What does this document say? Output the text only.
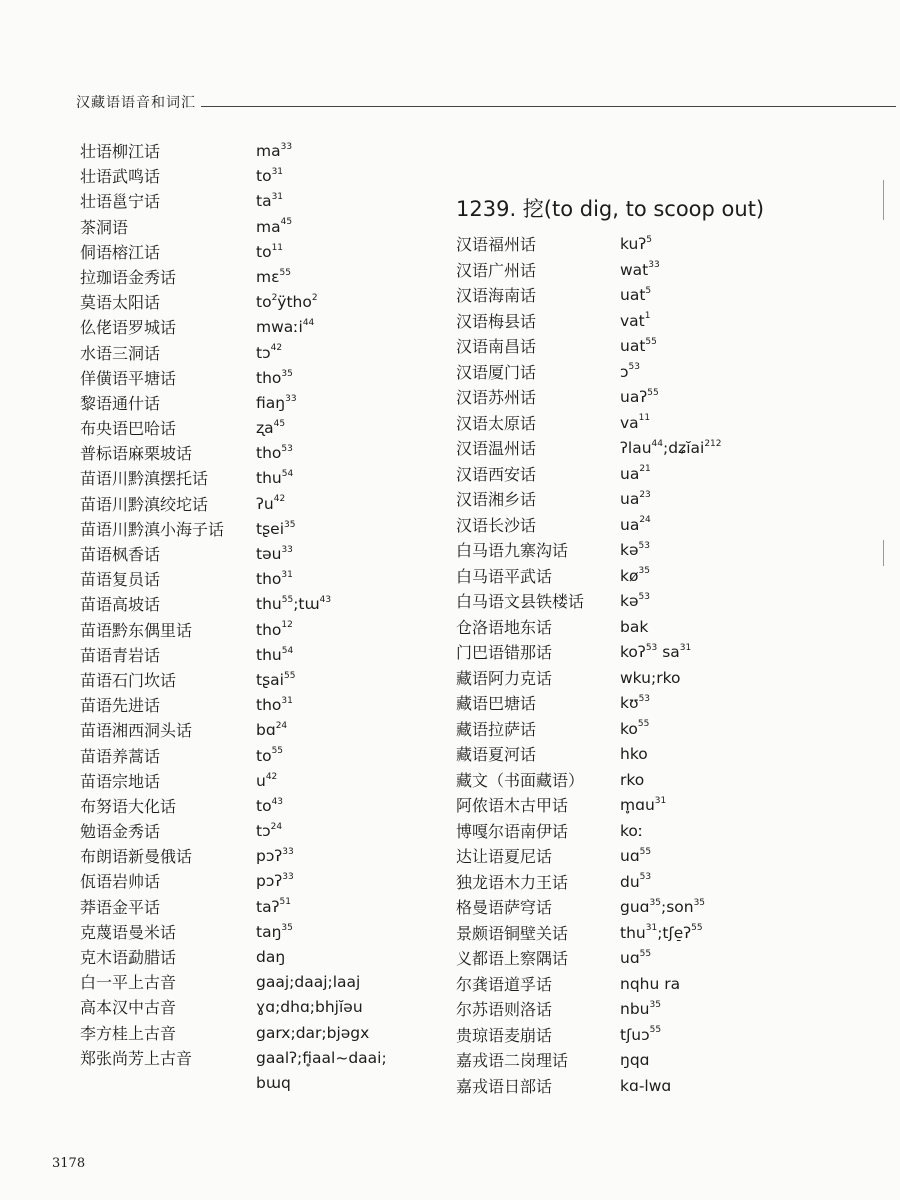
汉藏语语音和词汇
壮语柳江话	$ma^{33}$
壮语武鸣话	$to^{31}$
壮语邕宁话	$ta^{31}$
茶洞语	$ma^{45}$
侗语榕江话	$to^{11}$
拉珈语金秀话	mɛ$^{55}$
莫语太阳话	$to^2ÿtho^2$
仫佬语罗城话	mwaːi$^{44}$
水语三洞话	tɔ$^{42}$
佯僙语平塘话	tho$^{35}$
黎语通什话	fiaŋ$^{33}$
布央语巴哈话	ʐa$^{45}$
普标语麻栗坡话	tho$^{53}$
苗语川黔滇摆托话	thu$^{54}$
苗语川黔滇绞坨话	ʔu$^{42}$
苗语川黔滇小海子话 tʂei$^{35}$
苗语枫香话	təu$^{33}$
苗语复员话	tho$^{31}$
苗语高坡话	thu$^{55}$;tɯ$^{43}$
苗语黔东偶里话	tho$^{12}$
苗语青岩话	thu$^{54}$
苗语石门坎话	tʂai$^{55}$
苗语先进话	tho$^{31}$
苗语湘西洞头话	bɑ$^{24}$
苗语养蒿话	$to^{55}$
苗语宗地话	$u^{42}$
布努语大化话	$to^{43}$
勉语金秀话	tɔ$^{24}$
布朗语新曼俄话	pɔʔ$^{33}$
佤语岩帅话	pɔʔ$^{33}$
莽语金平话	taʔ$^{51}$
克蔑语曼米话	taŋ$^{35}$
克木语勐腊话	daŋ
白一平上古音	gaaj;daaj;laaj
高本汉中古音	ɣɑ;dhɑ;bhjĭəu
李方桂上古音	garx;dar;bjəgx
郑张尚芳上古音	gaalʔ;fi̥aal~daai;
bɯq
1239. 挖(to dig, to scoop out)
汉语福州话	kuʔ$^5$
汉语广州话	wat$^{33}$
汉语海南话	uat$^5$
汉语梅县话	vat$^1$
汉语南昌话	uat$^{55}$
汉语厦门话	ɔ$^{53}$
汉语苏州话	uaʔ$^{55}$
汉语太原话	$va^{11}$
汉语温州话	ʔlau$^{44}$;dʑĭai$^{212}$
汉语西安话	$ua^{21}$
汉语湘乡话	$ua^{23}$
汉语长沙话	$ua^{24}$
白马语九寨沟话	kə$^{53}$
白马语平武话	$kø^{35}$
白马语文县铁楼话 kə$^{53}$
仓洛语地东话	bak
门巴语错那话	koʔ$^{53}$ $sa^{31}$
藏语阿力克话	wku;rko
藏语巴塘话	kʊ$^{53}$
藏语拉萨话	$ko^{55}$
藏语夏河话	hko
藏文（书面藏语） rko
阿侬语木古甲话	m̥ɑu$^{31}$
博嘎尔语南伊话	koː
达让语夏尼话	uɑ$^{55}$
独龙语木力王话	$du^{53}$
格曼语萨穹话	guɑ$^{35}$;son$^{35}$
景颇语铜壁关话	thu$^{31}$;tʃe̠ʔ$^{55}$
义都语上察隅话	uɑ$^{55}$
尔龚语道孚话	nqhu ra
尔苏语则洛话	nbu$^{35}$
贵琼语麦崩话	tʃuɔ$^{55}$
嘉戎语二岗理话	ŋqɑ
嘉戎语日部话	kɑ-lwɑ
3178
